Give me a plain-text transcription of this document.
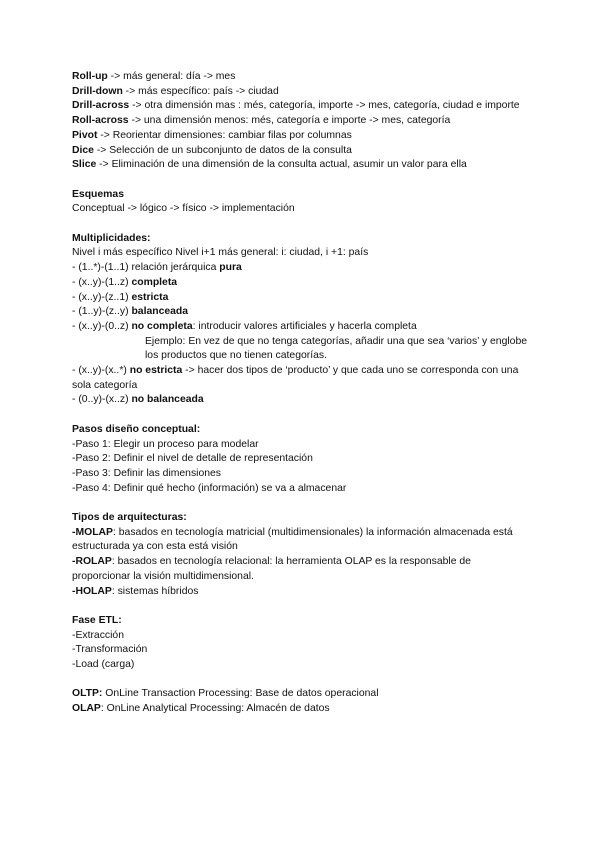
Roll-up -> más general: día -> mes
Drill-down -> más específico: país -> ciudad
Drill-across -> otra dimensión mas : més, categoría, importe -> mes, categoría, ciudad e importe
Roll-across -> una dimensión menos: més, categoría e importe -> mes, categoría
Pivot -> Reorientar dimensiones: cambiar filas por columnas
Dice -> Selección de un subconjunto de datos de la consulta
Slice -> Eliminación de una dimensión de la consulta actual, asumir un valor para ella
Esquemas
Conceptual -> lógico -> físico -> implementación
Multiplicidades:
Nivel i más específico Nivel i+1 más general: i: ciudad, i +1: país
- (1..*)-(1..1) relación jerárquica pura
- (x..y)-(1..z) completa
- (x..y)-(z..1) estricta
- (1..y)-(z..y) balanceada
- (x..y)-(0..z) no completa: introducir valores artificiales y hacerla completa
Ejemplo: En vez de que no tenga categorías, añadir una que sea ‘varios’ y englobe los productos que no tienen categorías.
- (x..y)-(x..*) no estricta -> hacer dos tipos de ‘producto’ y que cada uno se corresponda con una sola categoría
- (0..y)-(x..z) no balanceada
Pasos diseño conceptual:
-Paso 1: Elegir un proceso para modelar
-Paso 2: Definir el nivel de detalle de representación
-Paso 3: Definir las dimensiones
-Paso 4: Definir qué hecho (información) se va a almacenar
Tipos de arquitecturas:
-MOLAP: basados en tecnología matricial (multidimensionales) la información almacenada está estructurada ya con esta está visión
-ROLAP: basados en tecnología relacional: la herramienta OLAP es la responsable de proporcionar la visión multidimensional.
-HOLAP: sistemas híbridos
Fase ETL:
-Extracción
-Transformación
-Load (carga)
OLTP: OnLine Transaction Processing: Base de datos operacional
OLAP: OnLine Analytical Processing: Almacén de datos
